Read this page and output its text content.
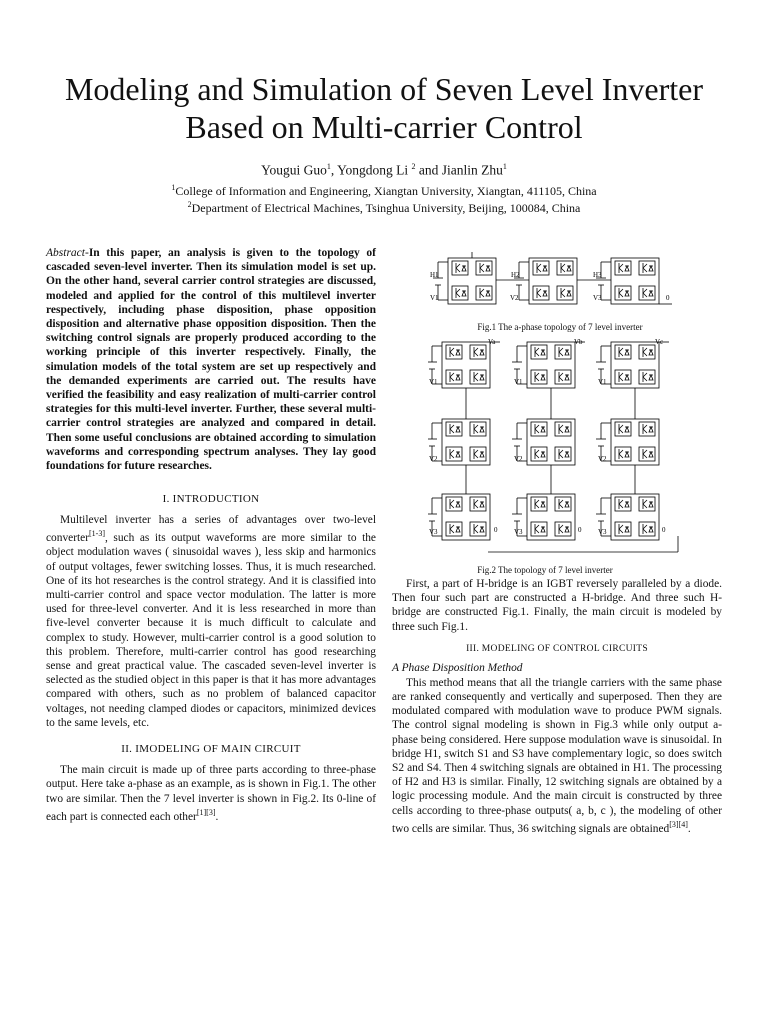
Modeling and Simulation of Seven Level Inverter
Based on Multi-carrier Control
Yougui Guo$^1$, Yongdong Li $^2$ and Jianlin Zhu$^1$
$^1$College of Information and Engineering, Xiangtan University, Xiangtan, 411105, China
$^2$Department of Electrical Machines, Tsinghua University, Beijing, 100084, China

Abstract-In this paper, an analysis is given to the topology of cascaded seven-level inverter. Then its simulation model is set up. On the other hand, several carrier control strategies are discussed, modeled and applied for the control of this multilevel inverter respectively, including phase disposition, phase opposition disposition and alternative phase opposition disposition. Then the switching control signals are properly produced according to the working principle of this inverter respectively. Finally, the simulation models of the total system are set up respectively and the demanded experiments are carried out. The results have verified the feasibility and easy realization of multi-carrier control strategies for this multi-level inverter. Further, these several multi-carrier control strategies are analyzed and compared in detail. Then some useful conclusions are obtained according to simulation waveforms and corresponding spectrum analyses. They lay good foundations for future researches.

I. INTRODUCTION

Multilevel inverter has a series of advantages over two-level converter[1-3], such as its output waveforms are more similar to the object modulation waves ( sinusoidal waves ), less skip and harmonics of output voltages, fewer switching losses. Thus, it is much researched. One of its hot researches is the control strategy. And it is classified into multi-carrier control and space vector modulation. The latter is more used for three-level converter. And it is less researched in more than five-level converter because it is much difficult to calculate and complex to study. However, multi-carrier control is a good solution to this problem. Therefore, multi-carrier control has good researching sense and great practical value. The cascaded seven-level inverter is selected as the studied object in this paper is that it has more advantages compared with others, such as no problem of balanced capacitor voltages, not needing clamped diodes or capacitors, minimized devices to the same levels, etc.

II. IMODELING OF MAIN CIRCUIT

The main circuit is made up of three parts according to three-phase output. Here take a-phase as an example, as is shown in Fig.1. The other two are similar. Then the 7 level inverter is shown in Fig.2. Its 0-line of each part is connected each other[1][3].

H1
V1
H2
V2
H3
V3	0
Fig.1 The a-phase topology of 7 level inverter
Va	Vb	Vc
V1	V1	V1
V2	V2	V2
V3	V3	V3
0	0	0
Fig.2 The topology of 7 level inverter

First, a part of H-bridge is an IGBT reversely paralleled by a diode. Then four such part are constructed a H-bridge. And three such H-bridge are constructed Fig.1. Finally, the main circuit is modeled by three such Fig.1.

III. MODELING OF CONTROL CIRCUITS
A Phase Disposition Method

This method means that all the triangle carriers with the same phase are ranked consequently and vertically and superposed. Then they are modulated compared with modulation wave to produce PWM signals. The control signal modeling is shown in Fig.3 while only output a-phase being considered. Here suppose modulation wave is sinusoidal. In bridge H1, switch S1 and S3 have complementary logic, so does switch S2 and S4. Then 4 switching signals are obtained in H1. The processing of H2 and H3 is similar. Finally, 12 switching signals are obtained by a logic processing module. And the main circuit is constructed by three cells according to three-phase outputs( a, b, c ), the modeling of other two cells are similar. Thus, 36 switching signals are obtained[3][4].
